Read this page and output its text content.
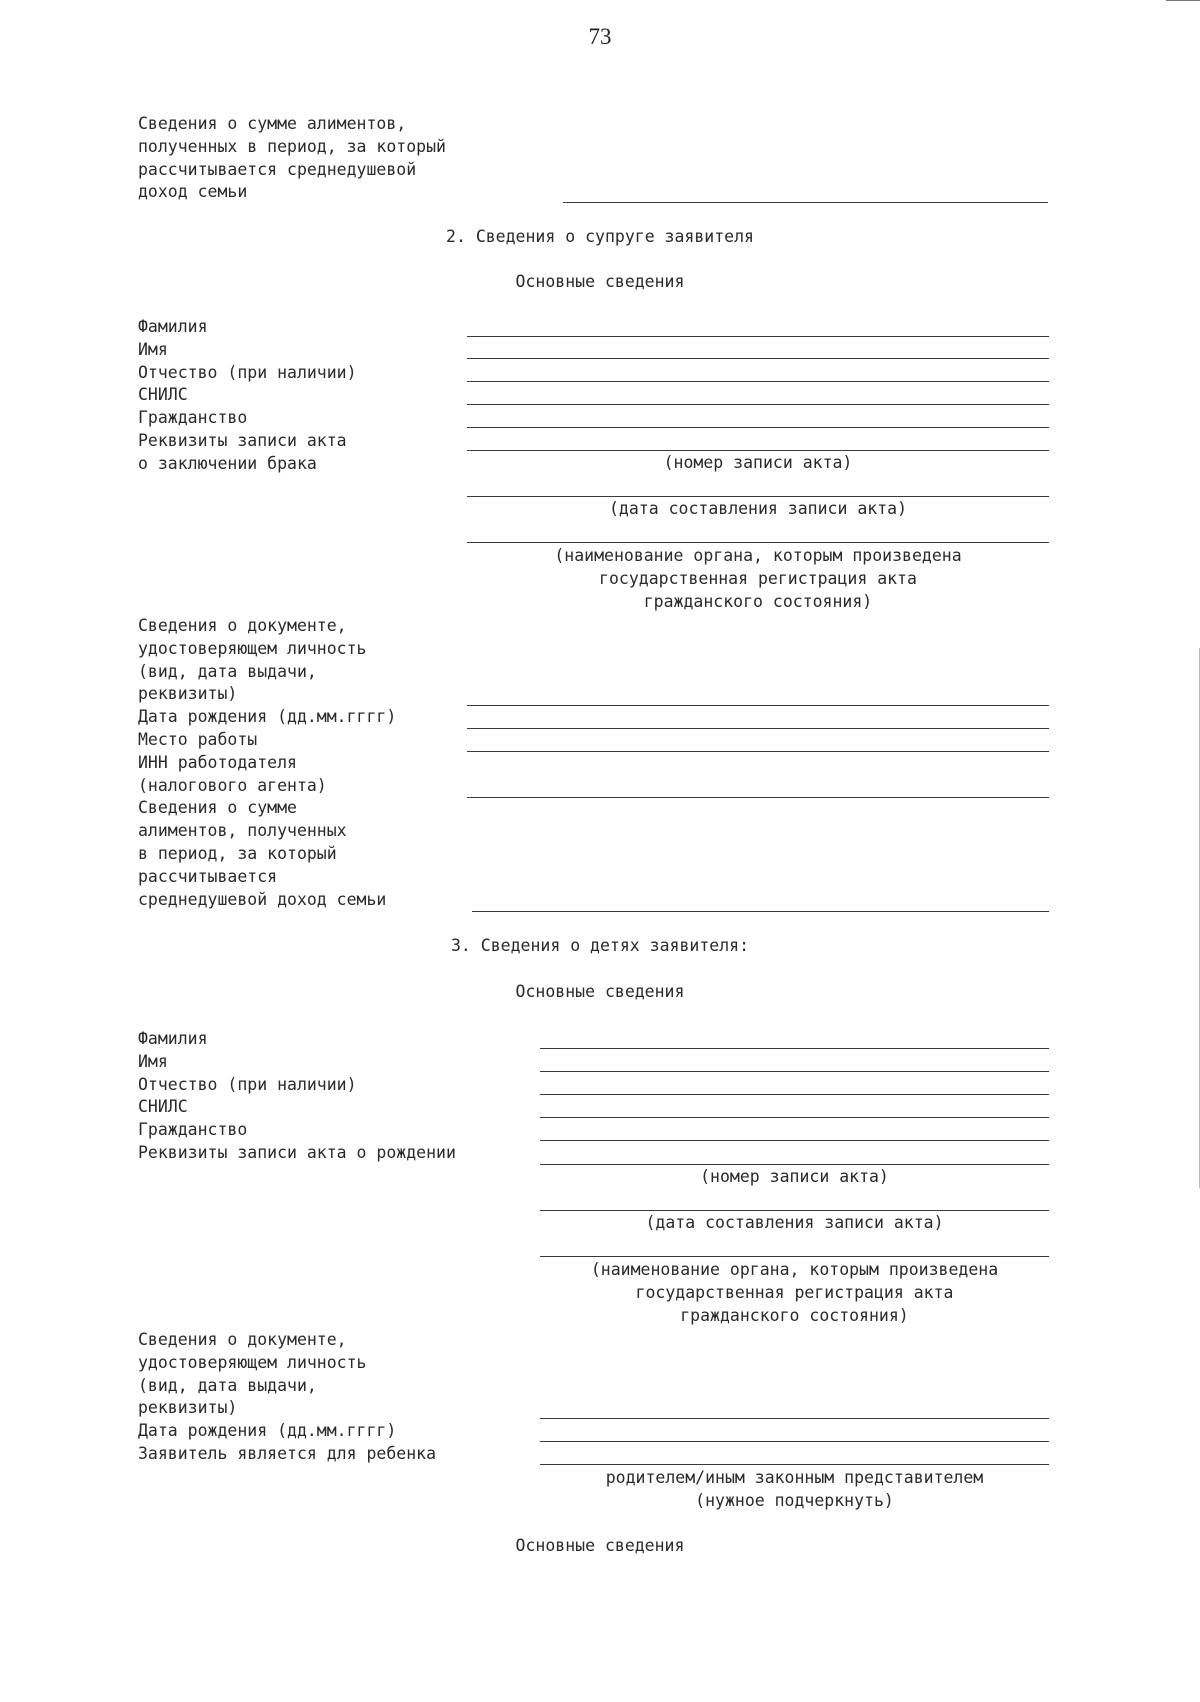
73
Сведения о сумме алиментов,
полученных в период, за который
рассчитывается среднедушевой
доход семьи
2. Сведения о супруге заявителя
Основные сведения
Фамилия
Имя
Отчество (при наличии)
СНИЛС
Гражданство
Реквизиты записи акта
о заключении брака	(номер записи акта)
(дата составления записи акта)
(наименование органа, которым произведена
государственная регистрация акта
гражданского состояния)
Сведения о документе,
удостоверяющем личность
(вид, дата выдачи,
реквизиты)
Дата рождения (дд.мм.гггг)
Место работы
ИНН работодателя
(налогового агента)
Сведения о сумме
алиментов, полученных
в период, за который
рассчитывается
среднедушевой доход семьи
3. Сведения о детях заявителя:
Основные сведения
Фамилия
Имя
Отчество (при наличии)
СНИЛС
Гражданство
Реквизиты записи акта о рождении
(номер записи акта)
(дата составления записи акта)
(наименование органа, которым произведена
государственная регистрация акта
гражданского состояния)
Сведения о документе,
удостоверяющем личность
(вид, дата выдачи,
реквизиты)
Дата рождения (дд.мм.гггг)
Заявитель является для ребенка
родителем/иным законным представителем
(нужное подчеркнуть)
Основные сведения
